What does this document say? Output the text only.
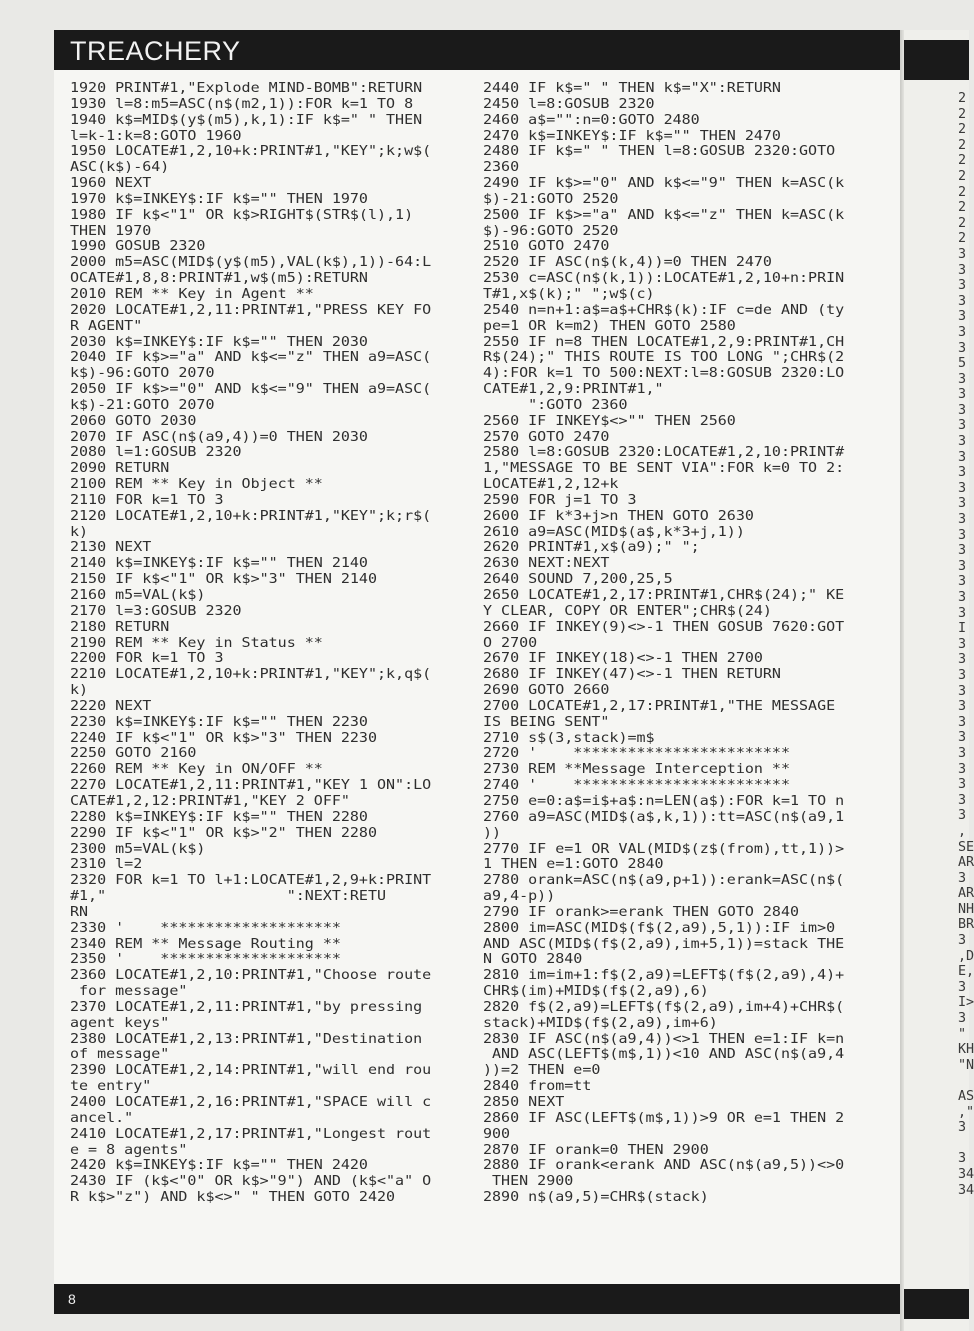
TREACHERY
1920 PRINT#1,"Explode MIND-BOMB":RETURN
1930 l=8:m5=ASC(n$(m2,1)):FOR k=1 TO 8
1940 k$=MID$(y$(m5),k,1):IF k$=" " THEN
l=k-1:k=8:GOTO 1960
1950 LOCATE#1,2,10+k:PRINT#1,"KEY";k;w$(
ASC(k$)-64)
1960 NEXT
1970 k$=INKEY$:IF k$="" THEN 1970
1980 IF k$<"1" OR k$>RIGHT$(STR$(l),1)
THEN 1970
1990 GOSUB 2320
2000 m5=ASC(MID$(y$(m5),VAL(k$),1))-64:L
OCATE#1,8,8:PRINT#1,w$(m5):RETURN
2010 REM ** Key in Agent **
2020 LOCATE#1,2,11:PRINT#1,"PRESS KEY FO
R AGENT"
2030 k$=INKEY$:IF k$="" THEN 2030
2040 IF k$>="a" AND k$<="z" THEN a9=ASC(
k$)-96:GOTO 2070
2050 IF k$>="0" AND k$<="9" THEN a9=ASC(
k$)-21:GOTO 2070
2060 GOTO 2030
2070 IF ASC(n$(a9,4))=0 THEN 2030
2080 l=1:GOSUB 2320
2090 RETURN
2100 REM ** Key in Object **
2110 FOR k=1 TO 3
2120 LOCATE#1,2,10+k:PRINT#1,"KEY";k;r$(
k)
2130 NEXT
2140 k$=INKEY$:IF k$="" THEN 2140
2150 IF k$<"1" OR k$>"3" THEN 2140
2160 m5=VAL(k$)
2170 l=3:GOSUB 2320
2180 RETURN
2190 REM ** Key in Status **
2200 FOR k=1 TO 3
2210 LOCATE#1,2,10+k:PRINT#1,"KEY";k,q$(
k)
2220 NEXT
2230 k$=INKEY$:IF k$="" THEN 2230
2240 IF k$<"1" OR k$>"3" THEN 2230
2250 GOTO 2160
2260 REM ** Key in ON/OFF **
2270 LOCATE#1,2,11:PRINT#1,"KEY 1 ON":LO
CATE#1,2,12:PRINT#1,"KEY 2 OFF"
2280 k$=INKEY$:IF k$="" THEN 2280
2290 IF k$<"1" OR k$>"2" THEN 2280
2300 m5=VAL(k$)
2310 l=2
2320 FOR k=1 TO l+1:LOCATE#1,2,9+k:PRINT
#1,"                    ":NEXT:RETU
RN
2330 '    ********************
2340 REM ** Message Routing **
2350 '    ********************
2360 LOCATE#1,2,10:PRINT#1,"Choose route
for message"
2370 LOCATE#1,2,11:PRINT#1,"by pressing
agent keys"
2380 LOCATE#1,2,13:PRINT#1,"Destination
of message"
2390 LOCATE#1,2,14:PRINT#1,"will end rou
te entry"
2400 LOCATE#1,2,16:PRINT#1,"SPACE will c
ancel."
2410 LOCATE#1,2,17:PRINT#1,"Longest rout
e = 8 agents"
2420 k$=INKEY$:IF k$="" THEN 2420
2430 IF (k$<"0" OR k$>"9") AND (k$<"a" O
R k$>"z") AND k$<>" " THEN GOTO 2420
2440 IF k$=" " THEN k$="X":RETURN
2450 l=8:GOSUB 2320
2460 a$="":n=0:GOTO 2480
2470 k$=INKEY$:IF k$="" THEN 2470
2480 IF k$=" " THEN l=8:GOSUB 2320:GOTO
2360
2490 IF k$>="0" AND k$<="9" THEN k=ASC(k
$)-21:GOTO 2520
2500 IF k$>="a" AND k$<="z" THEN k=ASC(k
$)-96:GOTO 2520
2510 GOTO 2470
2520 IF ASC(n$(k,4))=0 THEN 2470
2530 c=ASC(n$(k,1)):LOCATE#1,2,10+n:PRIN
T#1,x$(k);" ";w$(c)
2540 n=n+1:a$=a$+CHR$(k):IF c=de AND (ty
pe=1 OR k=m2) THEN GOTO 2580
2550 IF n=8 THEN LOCATE#1,2,9:PRINT#1,CH
R$(24);" THIS ROUTE IS TOO LONG ";CHR$(2
4):FOR k=1 TO 500:NEXT:l=8:GOSUB 2320:LO
CATE#1,2,9:PRINT#1,"
":GOTO 2360
2560 IF INKEY$<>"" THEN 2560
2570 GOTO 2470
2580 l=8:GOSUB 2320:LOCATE#1,2,10:PRINT#
1,"MESSAGE TO BE SENT VIA":FOR k=0 TO 2:
LOCATE#1,2,12+k
2590 FOR j=1 TO 3
2600 IF k*3+j>n THEN GOTO 2630
2610 a9=ASC(MID$(a$,k*3+j,1))
2620 PRINT#1,x$(a9);" ";
2630 NEXT:NEXT
2640 SOUND 7,200,25,5
2650 LOCATE#1,2,17:PRINT#1,CHR$(24);" KE
Y CLEAR, COPY OR ENTER";CHR$(24)
2660 IF INKEY(9)<>-1 THEN GOSUB 7620:GOT
O 2700
2670 IF INKEY(18)<>-1 THEN 2700
2680 IF INKEY(47)<>-1 THEN RETURN
2690 GOTO 2660
2700 LOCATE#1,2,17:PRINT#1,"THE MESSAGE
IS BEING SENT"
2710 s$(3,stack)=m$
2720 '    ************************
2730 REM **Message Interception **
2740 '    ************************
2750 e=0:a$=i$+a$:n=LEN(a$):FOR k=1 TO n
2760 a9=ASC(MID$(a$,k,1)):tt=ASC(n$(a9,1
))
2770 IF e=1 OR VAL(MID$(z$(from),tt,1))>
1 THEN e=1:GOTO 2840
2780 orank=ASC(n$(a9,p+1)):erank=ASC(n$(
a9,4-p))
2790 IF orank>=erank THEN GOTO 2840
2800 im=ASC(MID$(f$(2,a9),5,1)):IF im>0
AND ASC(MID$(f$(2,a9),im+5,1))=stack THE
N GOTO 2840
2810 im=im+1:f$(2,a9)=LEFT$(f$(2,a9),4)+
CHR$(im)+MID$(f$(2,a9),6)
2820 f$(2,a9)=LEFT$(f$(2,a9),im+4)+CHR$(
stack)+MID$(f$(2,a9),im+6)
2830 IF ASC(n$(a9,4))<>1 THEN e=1:IF k=n
AND ASC(LEFT$(m$,1))<10 AND ASC(n$(a9,4
))=2 THEN e=0
2840 from=tt
2850 NEXT
2860 IF ASC(LEFT$(m$,1))>9 OR e=1 THEN 2
900
2870 IF orank=0 THEN 2900
2880 IF orank<erank AND ASC(n$(a9,5))<>0
THEN 2900
2890 n$(a9,5)=CHR$(stack)
8
2
2
2
2
2
2
2
2
2
2
3
3
3
3
3
3
3
5
3
3
3
3
3
3
3
3
3
3
3
3
3
3
3
3
I
3
3
3
3
3
3
3
3
3
3
3
3
,
SE
AR
3
AR
NH
BR
3
,D
E,
3
I>
3
"
KH
"N

AS
,"
3

3
34
34
